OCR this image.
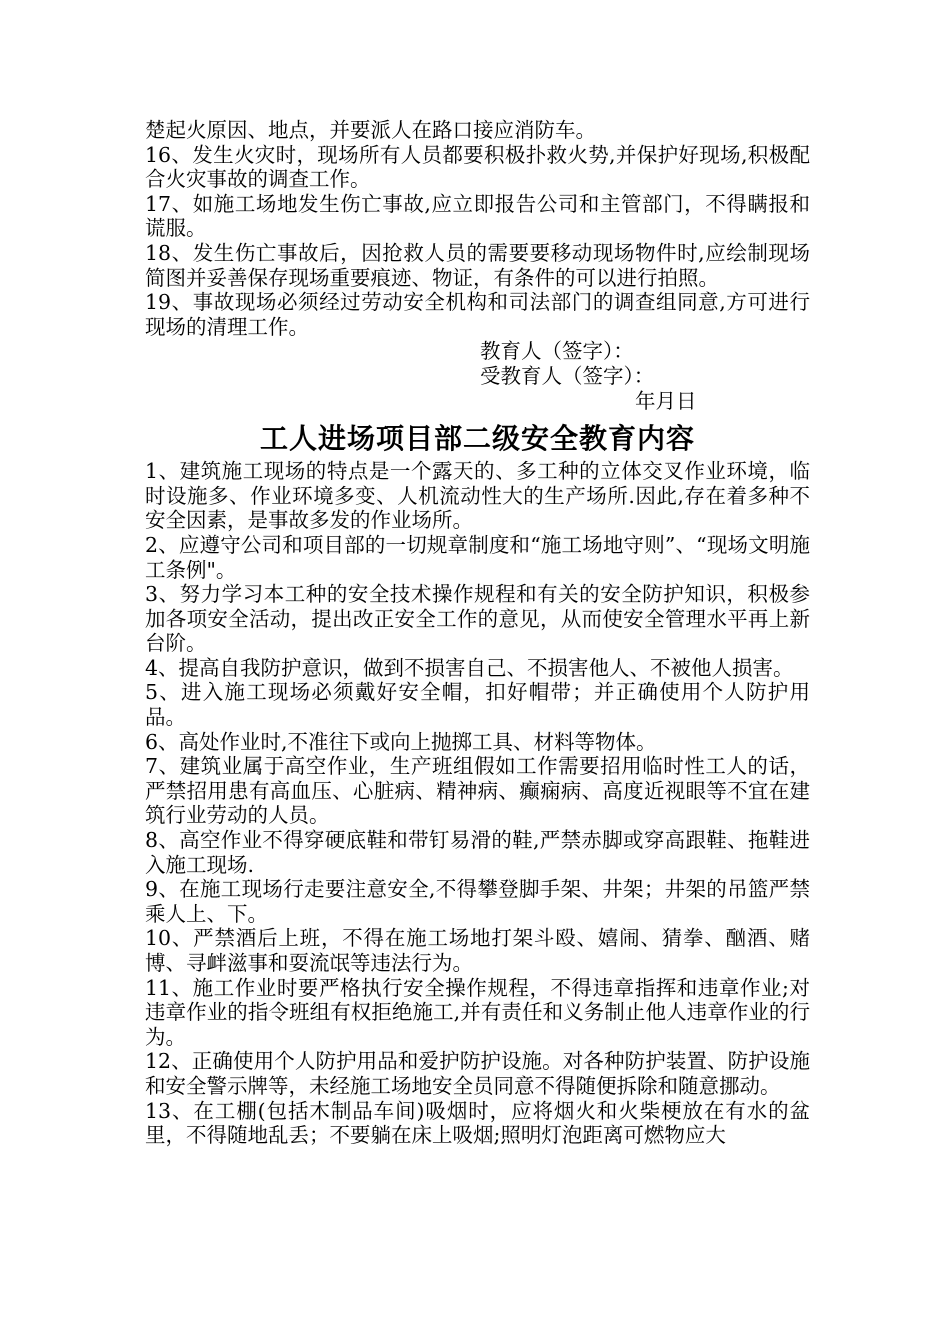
楚起火原因、地点，并要派人在路口接应消防车。

16、发生火灾时，现场所有人员都要积极扑救火势,并保护好现场,积极配合火灾事故的调查工作。

17、如施工场地发生伤亡事故,应立即报告公司和主管部门，不得瞒报和谎服。

18、发生伤亡事故后，因抢救人员的需要要移动现场物件时,应绘制现场简图并妥善保存现场重要痕迹、物证，有条件的可以进行拍照。

19、事故现场必须经过劳动安全机构和司法部门的调查组同意,方可进行现场的清理工作。

教育人（签字）：

受教育人（签字）：

年月日

工人进场项目部二级安全教育内容

1、建筑施工现场的特点是一个露天的、多工种的立体交叉作业环境，临时设施多、作业环境多变、人机流动性大的生产场所.因此,存在着多种不安全因素，是事故多发的作业场所。

2、应遵守公司和项目部的一切规章制度和“施工场地守则”、“现场文明施工条例"。

3、努力学习本工种的安全技术操作规程和有关的安全防护知识，积极参加各项安全活动，提出改正安全工作的意见，从而使安全管理水平再上新台阶。

4、提高自我防护意识，做到不损害自己、不损害他人、不被他人损害。

5、进入施工现场必须戴好安全帽，扣好帽带；并正确使用个人防护用品。

6、高处作业时,不准往下或向上抛掷工具、材料等物体。

7、建筑业属于高空作业，生产班组假如工作需要招用临时性工人的话，严禁招用患有高血压、心脏病、精神病、癫痫病、高度近视眼等不宜在建筑行业劳动的人员。

8、高空作业不得穿硬底鞋和带钉易滑的鞋,严禁赤脚或穿高跟鞋、拖鞋进入施工现场.

9、在施工现场行走要注意安全,不得攀登脚手架、井架；井架的吊篮严禁乘人上、下。

10、严禁酒后上班，不得在施工场地打架斗殴、嬉闹、猜拳、酗酒、赌博、寻衅滋事和耍流氓等违法行为。

11、施工作业时要严格执行安全操作规程，不得违章指挥和违章作业;对违章作业的指令班组有权拒绝施工,并有责任和义务制止他人违章作业的行为。

12、正确使用个人防护用品和爱护防护设施。对各种防护装置、防护设施和安全警示牌等，未经施工场地安全员同意不得随便拆除和随意挪动。

13、在工棚(包括木制品车间)吸烟时，应将烟火和火柴梗放在有水的盆里，不得随地乱丢；不要躺在床上吸烟;照明灯泡距离可燃物应大
